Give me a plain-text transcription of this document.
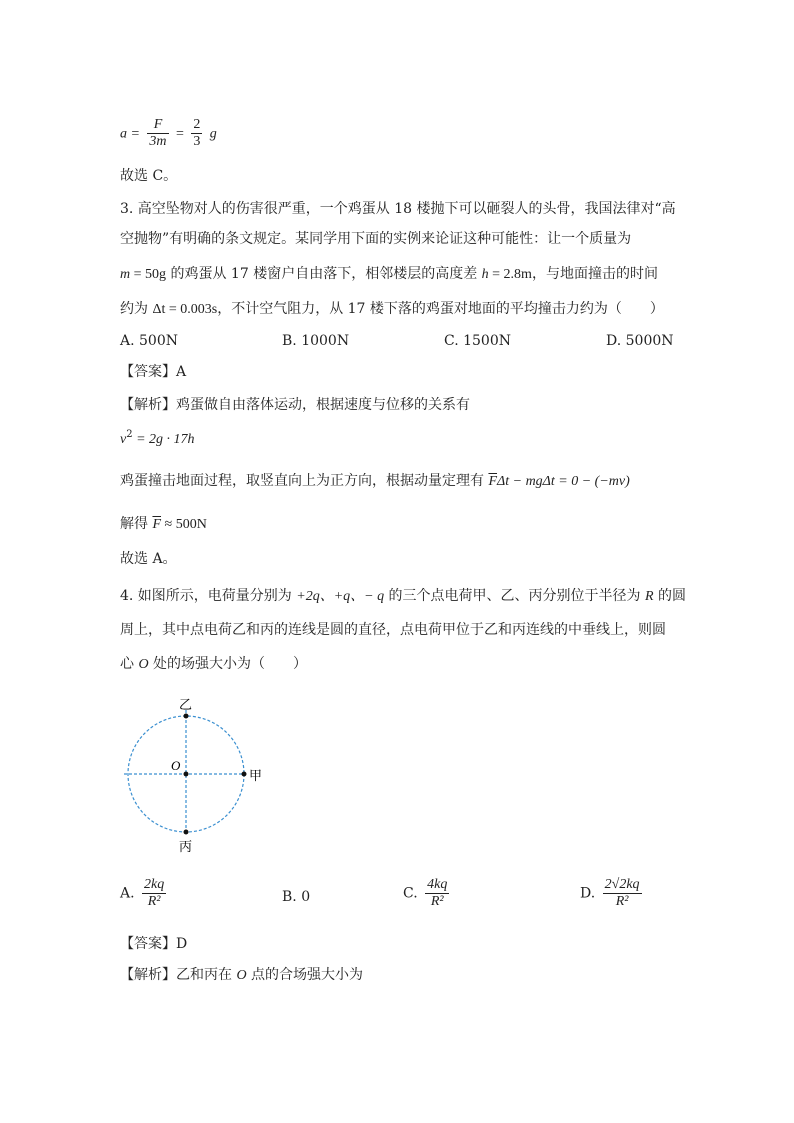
$a = \frac{F}{3m} = \frac{2}{3}$ g
故选 C。
3. 高空坠物对人的伤害很严重，一个鸡蛋从 18 楼抛下可以砸裂人的头骨，我国法律对“高
空抛物”有明确的条文规定。某同学用下面的实例来论证这种可能性：让一个质量为
m = 50g 的鸡蛋从 17 楼窗户自由落下，相邻楼层的高度差 h = 2.8m，与地面撞击的时间
约为 Δt = 0.003s，不计空气阻力，从 17 楼下落的鸡蛋对地面的平均撞击力约为（　　）
A. 500N	B. 1000N	C. 1500N	D. 5000N
【答案】A
【解析】鸡蛋做自由落体运动，根据速度与位移的关系有
$v^2 = 2g \cdot 17h$
鸡蛋撞击地面过程，取竖直向上为正方向，根据动量定理有 $\overline{F}\Delta t - mg\Delta t = 0 - (-mv)$
解得 $\overline{F} \approx 500N$
故选 A。
4. 如图所示，电荷量分别为 +2q、+q、− q 的三个点电荷甲、乙、丙分别位于半径为 R 的圆
周上，其中点电荷乙和丙的连线是圆的直径，点电荷甲位于乙和丙连线的中垂线上，则圆
心 O 处的场强大小为（　　）
乙
丙
甲
O
A. $\frac{2kq}{\text{R²}}$	B. 0	C. $\frac{4kq}{\text{R²}}$	D. $\frac{2√2kq}{\text{R²}}$
【答案】D
【解析】乙和丙在 O 点的合场强大小为
